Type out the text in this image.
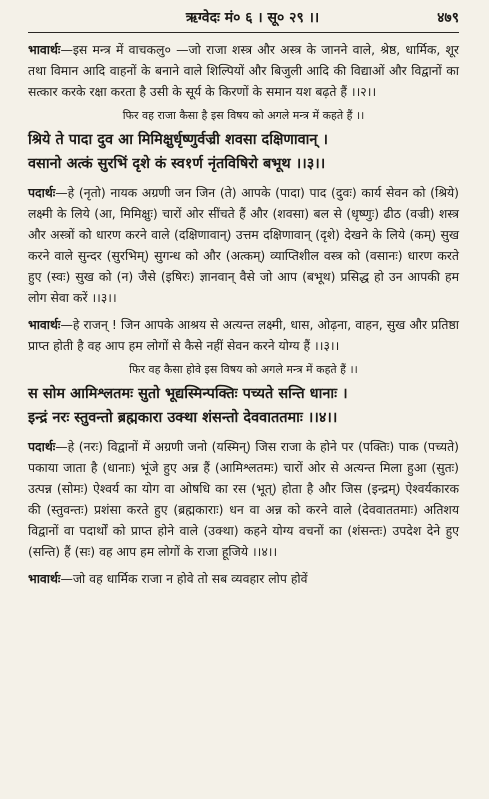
ऋग्वेदः मं० ६ । सू० २९ ।।	४७९

भावार्थः—इस मन्त्र में वाचकलु० —जो राजा शस्त्र और अस्त्र के जानने वाले, श्रेष्ठ, धार्मिक, शूर तथा विमान आदि वाहनों के बनाने वाले शिल्पियों और बिजुली आदि की विद्याओं और विद्वानों का सत्कार करके रक्षा करता है उसी के सूर्य के किरणों के समान यश बढ़ते हैं ।।२।।

फिर वह राजा कैसा है इस विषय को अगले मन्त्र में कहते हैं ।।

श्रिये ते पादा दुव आ मिमिक्षुर्धृष्णुर्वज्री शवसा दक्षिणावान् ।

वसानो अत्कं सुरभिं दृशे कं स्व१र्ण नृंतविषिरो बभूथ ।।३।।

पदार्थः—हे (नृतो) नायक अग्रणी जन जिन (ते) आपके (पादा) पाद (दुवः) कार्य सेवन को (श्रिये) लक्ष्मी के लिये (आ, मिमिक्षुः) चारों ओर सींचते हैं और (शवसा) बल से (धृष्णुः) ढीठ (वज्री) शस्त्र और अस्त्रों को धारण करने वाले (दक्षिणावान्) उत्तम दक्षिणावान् (दृशे) देखने के लिये (कम्) सुख करने वाले सुन्दर (सुरभिम्) सुगन्ध को और (अत्कम्) व्याप्तिशील वस्त्र को (वसानः) धारण करते हुए (स्वः) सुख को (न) जैसे (इषिरः) ज्ञानवान् वैसे जो आप (बभूथ) प्रसिद्ध हो उन आपकी हम लोग सेवा करें ।।३।।

भावार्थः—हे राजन् ! जिन आपके आश्रय से अत्यन्त लक्ष्मी, धास, ओढ़ना, वाहन, सुख और प्रतिष्ठा प्राप्त होती है वह आप हम लोगों से कैसे नहीं सेवन करने योग्य हैं ।।३।।

फिर वह कैसा होवे इस विषय को अगले मन्त्र में कहते हैं ।।

स सोम आमिश्लतमः सुतो भूद्यस्मिन्पक्तिः पच्यते सन्ति धानाः ।

इन्द्रं नरः स्तुवन्तो ब्रह्मकारा उक्था शंसन्तो देववाततमाः ।।४।।

पदार्थः—हे (नरः) विद्वानों में अग्रणी जनो (यस्मिन्) जिस राजा के होने पर (पक्तिः) पाक (पच्यते) पकाया जाता है (धानाः) भूंजे हुए अन्न हैं (आमिश्लतमः) चारों ओर से अत्यन्त मिला हुआ (सुतः) उत्पन्न (सोमः) ऐश्वर्य का योग वा ओषधि का रस (भूत्) होता है और जिस (इन्द्रम्) ऐश्वर्यकारक की (स्तुवन्तः) प्रशंसा करते हुए (ब्रह्मकाराः) धन वा अन्न को करने वाले (देववाततमाः) अतिशय विद्वानों वा पदार्थों को प्राप्त होने वाले (उक्था) कहने योग्य वचनों का (शंसन्तः) उपदेश देने हुए (सन्ति) हैं (सः) वह आप हम लोगों के राजा हूजिये ।।४।।

भावार्थः—जो वह धार्मिक राजा न होवे तो सब व्यवहार लोप होवें
